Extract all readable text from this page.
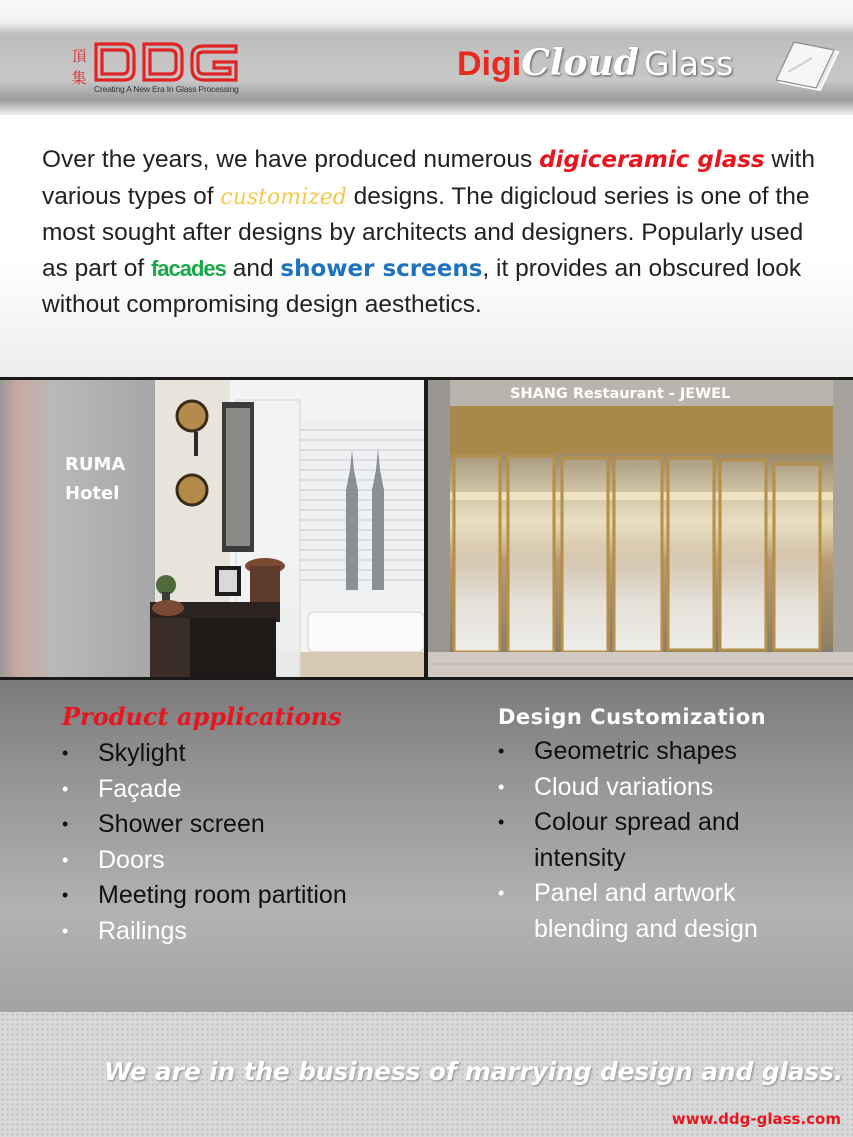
頂
集
Creating A New Era In Glass Processing
DigiCloud Glass

Over the years, we have produced numerous digiceramic glass with various types of customized designs. The digicloud series is one of the most sought after designs by architects and designers. Popularly used as part of facades and shower screens, it provides an obscured look without compromising design aesthetics.

RUMA
Hotel
SHANG Restaurant - JEWEL
Product applications
• Skylight
• Façade
• Shower screen
• Doors
• Meeting room partition
• Railings
Design Customization
• Geometric shapes
• Cloud variations
• Colour spread and intensity
• Panel and artwork blending and design
We are in the business of marrying design and glass.
www.ddg-glass.com
